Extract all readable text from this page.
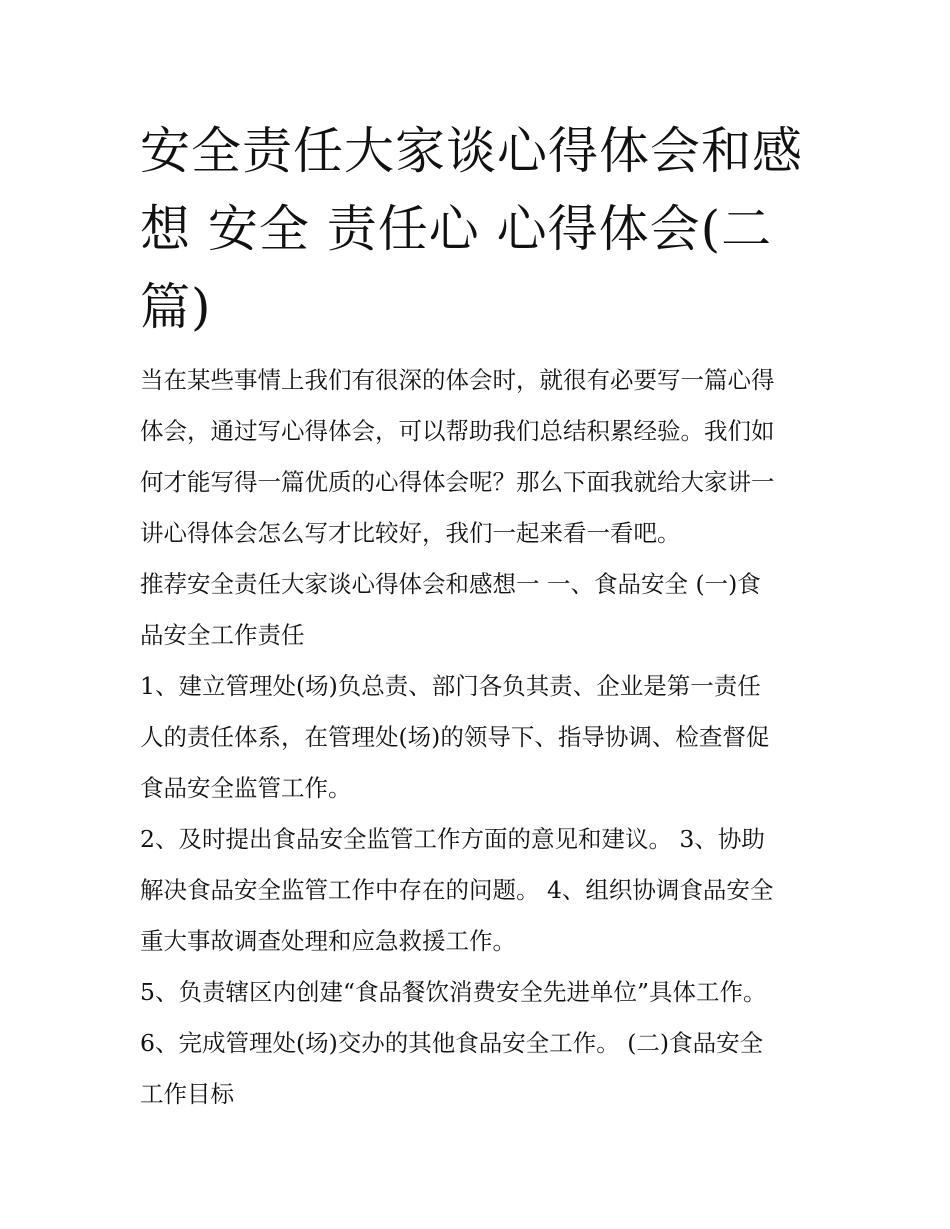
安全责任大家谈心得体会和感
想 安全 责任心 心得体会(二
篇)

当在某些事情上我们有很深的体会时，就很有必要写一篇心得
体会，通过写心得体会，可以帮助我们总结积累经验。我们如
何才能写得一篇优质的心得体会呢？那么下面我就给大家讲一
讲心得体会怎么写才比较好，我们一起来看一看吧。

推荐安全责任大家谈心得体会和感想一 一、食品安全 (一)食
品安全工作责任

1、建立管理处(场)负总责、部门各负其责、企业是第一责任
人的责任体系，在管理处(场)的领导下、指导协调、检查督促
食品安全监管工作。

2、及时提出食品安全监管工作方面的意见和建议。 3、协助
解决食品安全监管工作中存在的问题。 4、组织协调食品安全
重大事故调查处理和应急救援工作。

5、负责辖区内创建“食品餐饮消费安全先进单位”具体工作。

6、完成管理处(场)交办的其他食品安全工作。 (二)食品安全
工作目标
